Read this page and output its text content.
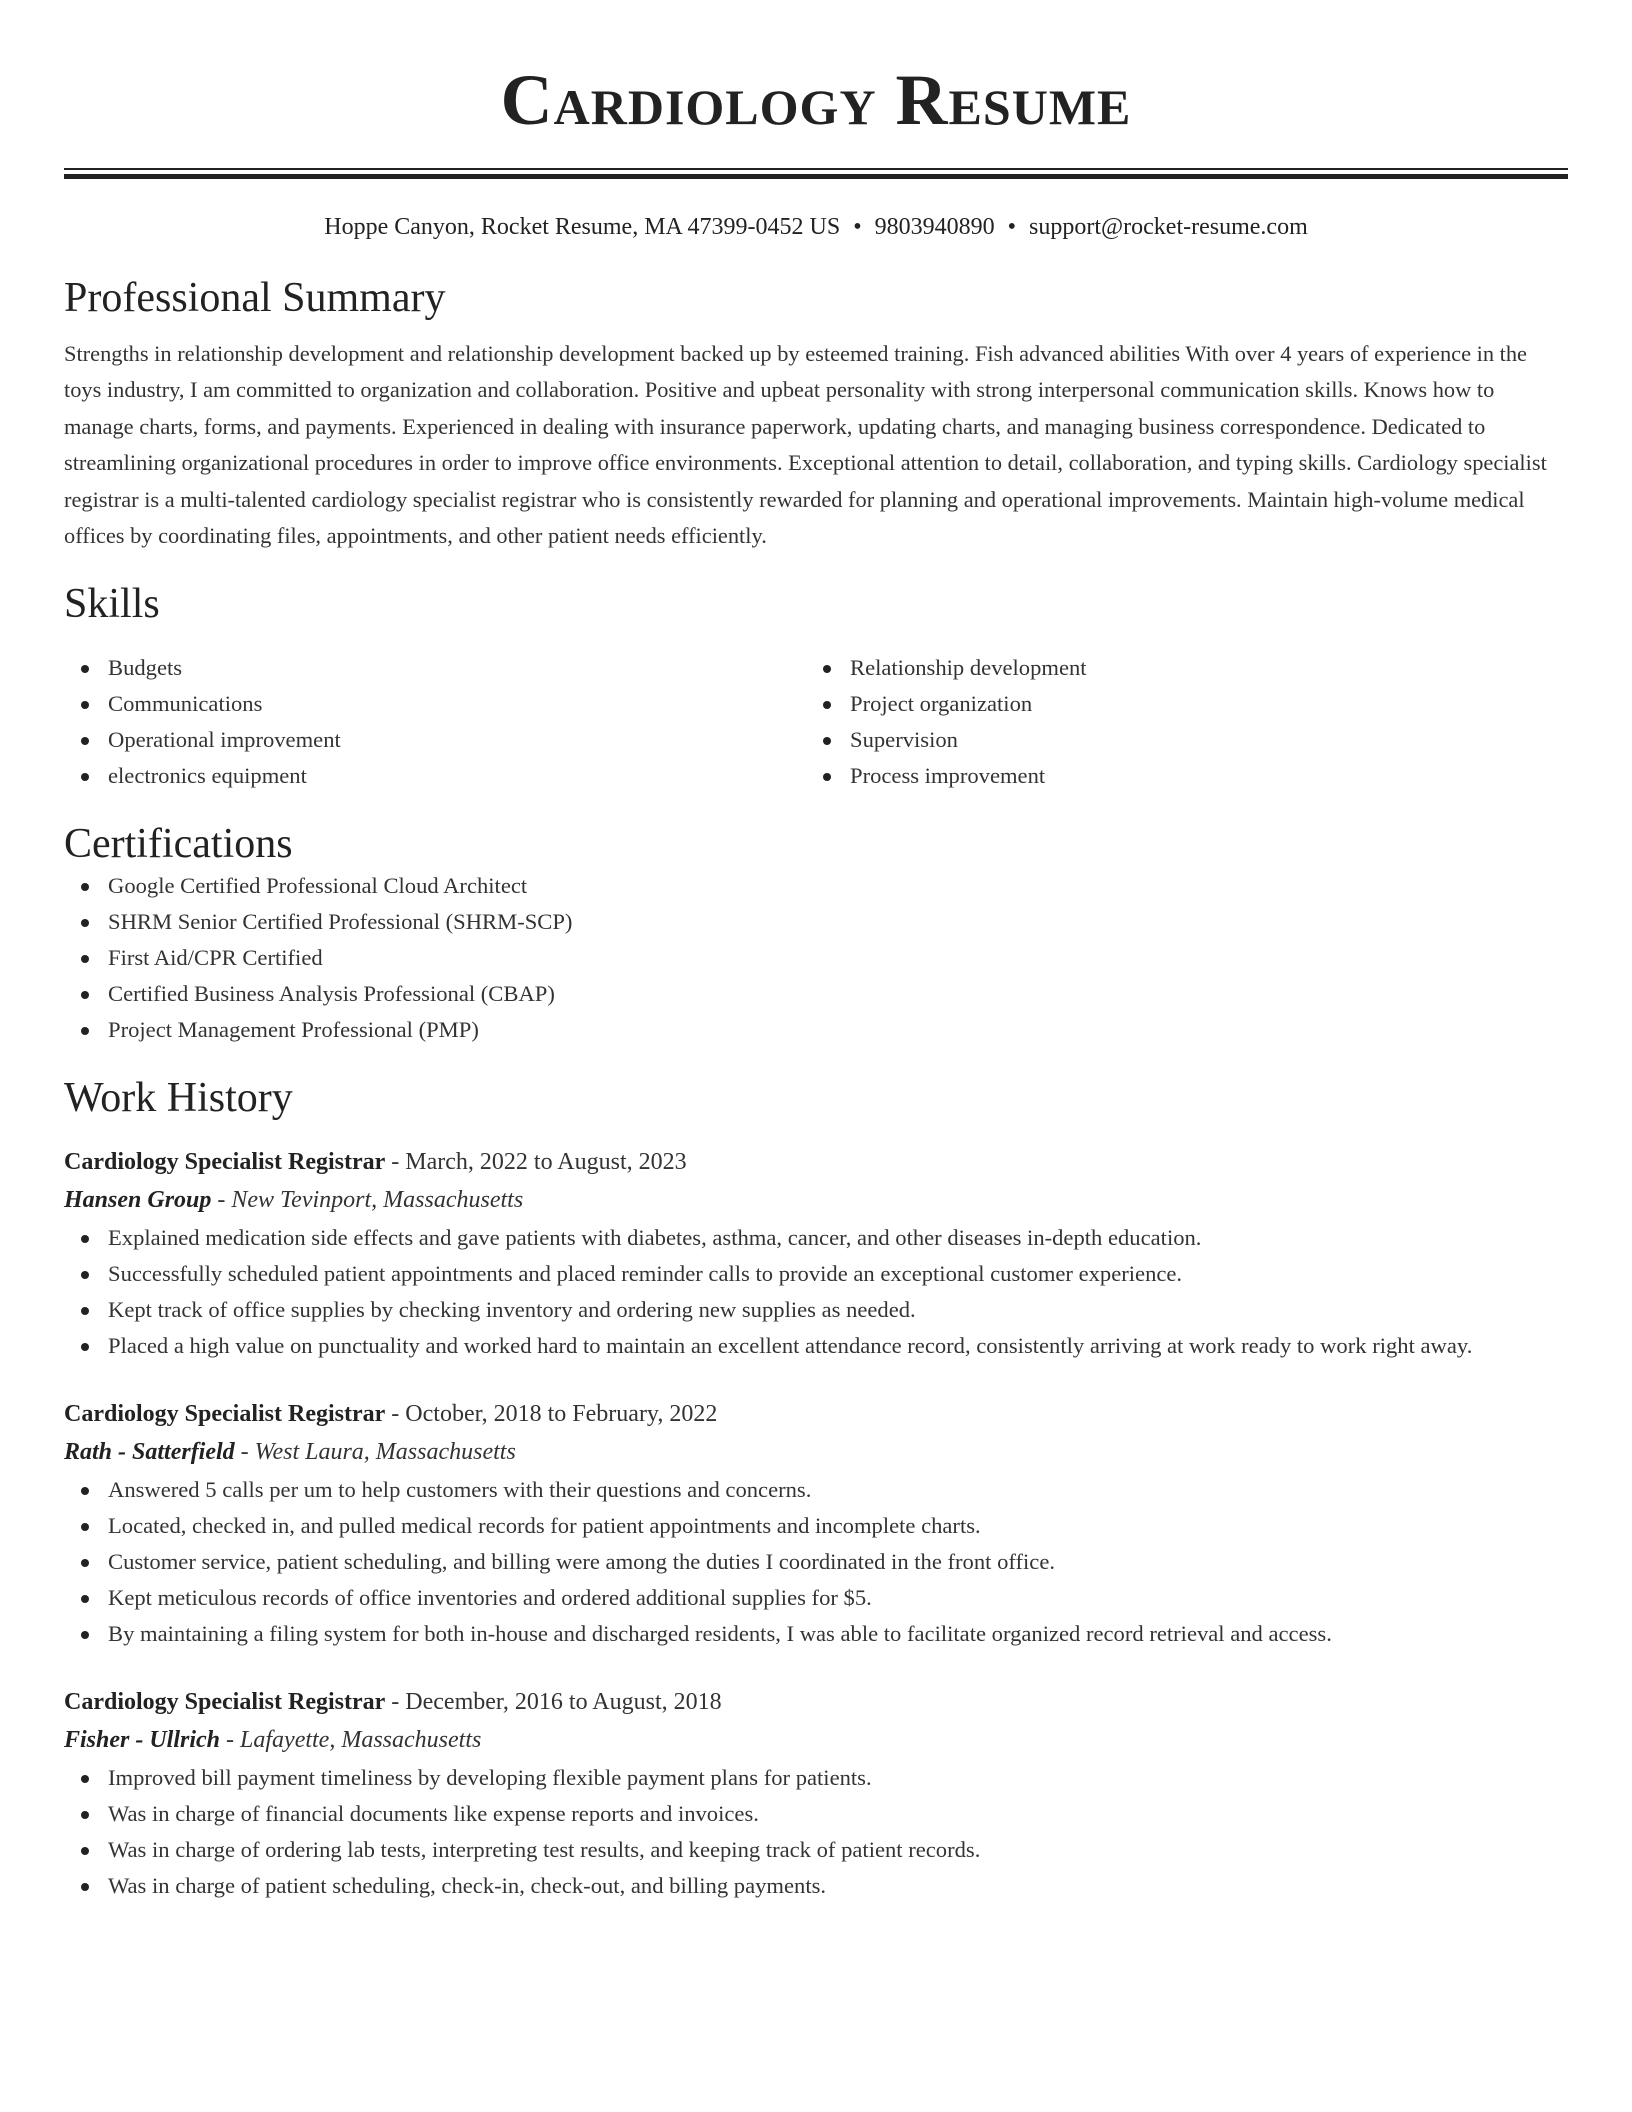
Cardiology Resume
Hoppe Canyon, Rocket Resume, MA 47399-0452 US • 9803940890 • support@rocket-resume.com
Professional Summary

Strengths in relationship development and relationship development backed up by esteemed training. Fish advanced abilities With over 4 years of experience in the toys industry, I am committed to organization and collaboration. Positive and upbeat personality with strong interpersonal communication skills. Knows how to manage charts, forms, and payments. Experienced in dealing with insurance paperwork, updating charts, and managing business correspondence. Dedicated to streamlining organizational procedures in order to improve office environments. Exceptional attention to detail, collaboration, and typing skills. Cardiology specialist registrar is a multi-talented cardiology specialist registrar who is consistently rewarded for planning and operational improvements. Maintain high-volume medical offices by coordinating files, appointments, and other patient needs efficiently.

Skills
Budgets
Communications
Operational improvement
electronics equipment
Relationship development
Project organization
Supervision
Process improvement
Certifications
Google Certified Professional Cloud Architect
SHRM Senior Certified Professional (SHRM-SCP)
First Aid/CPR Certified
Certified Business Analysis Professional (CBAP)
Project Management Professional (PMP)
Work History
Cardiology Specialist Registrar - March, 2022 to August, 2023
Hansen Group - New Tevinport, Massachusetts
Explained medication side effects and gave patients with diabetes, asthma, cancer, and other diseases in-depth education.
Successfully scheduled patient appointments and placed reminder calls to provide an exceptional customer experience.
Kept track of office supplies by checking inventory and ordering new supplies as needed.
Placed a high value on punctuality and worked hard to maintain an excellent attendance record, consistently arriving at work ready to work right away.
Cardiology Specialist Registrar - October, 2018 to February, 2022
Rath - Satterfield - West Laura, Massachusetts
Answered 5 calls per um to help customers with their questions and concerns.
Located, checked in, and pulled medical records for patient appointments and incomplete charts.
Customer service, patient scheduling, and billing were among the duties I coordinated in the front office.
Kept meticulous records of office inventories and ordered additional supplies for $5.
By maintaining a filing system for both in-house and discharged residents, I was able to facilitate organized record retrieval and access.
Cardiology Specialist Registrar - December, 2016 to August, 2018
Fisher - Ullrich - Lafayette, Massachusetts
Improved bill payment timeliness by developing flexible payment plans for patients.
Was in charge of financial documents like expense reports and invoices.
Was in charge of ordering lab tests, interpreting test results, and keeping track of patient records.
Was in charge of patient scheduling, check-in, check-out, and billing payments.
